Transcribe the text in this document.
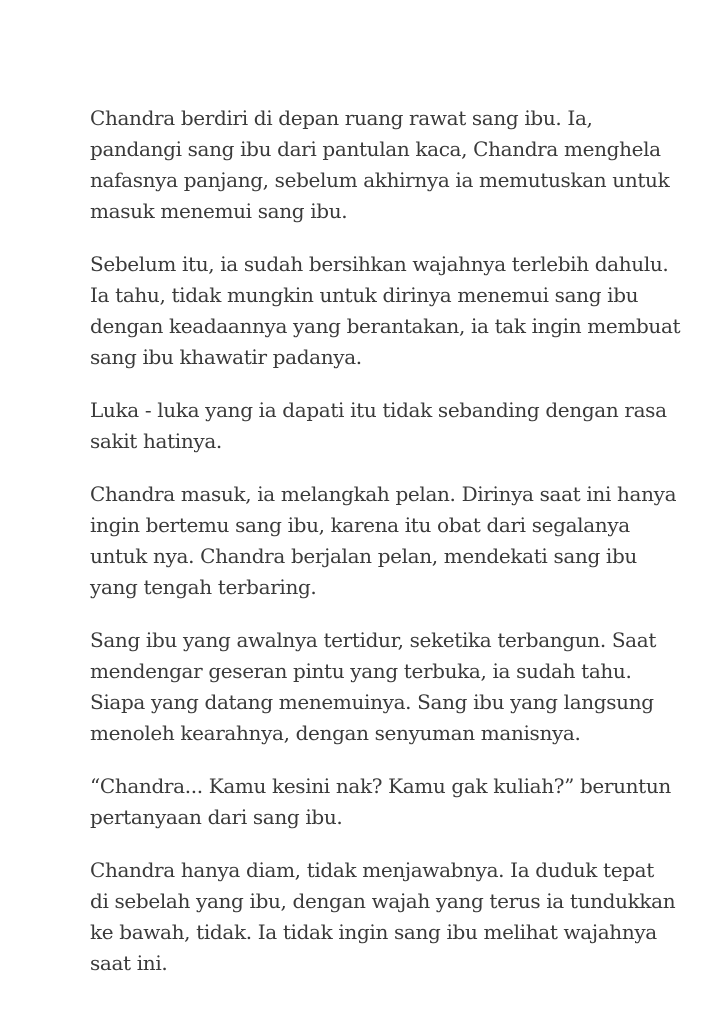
Chandra berdiri di depan ruang rawat sang ibu. Ia,
pandangi sang ibu dari pantulan kaca, Chandra menghela
nafasnya panjang, sebelum akhirnya ia memutuskan untuk
masuk menemui sang ibu.

Sebelum itu, ia sudah bersihkan wajahnya terlebih dahulu.
Ia tahu, tidak mungkin untuk dirinya menemui sang ibu
dengan keadaannya yang berantakan, ia tak ingin membuat
sang ibu khawatir padanya.

Luka - luka yang ia dapati itu tidak sebanding dengan rasa
sakit hatinya.

Chandra masuk, ia melangkah pelan. Dirinya saat ini hanya
ingin bertemu sang ibu, karena itu obat dari segalanya
untuk nya. Chandra berjalan pelan, mendekati sang ibu
yang tengah terbaring.

Sang ibu yang awalnya tertidur, seketika terbangun. Saat
mendengar geseran pintu yang terbuka, ia sudah tahu.
Siapa yang datang menemuinya. Sang ibu yang langsung
menoleh kearahnya, dengan senyuman manisnya.

“Chandra... Kamu kesini nak? Kamu gak kuliah?” beruntun
pertanyaan dari sang ibu.

Chandra hanya diam, tidak menjawabnya. Ia duduk tepat
di sebelah yang ibu, dengan wajah yang terus ia tundukkan
ke bawah, tidak. Ia tidak ingin sang ibu melihat wajahnya
saat ini.
